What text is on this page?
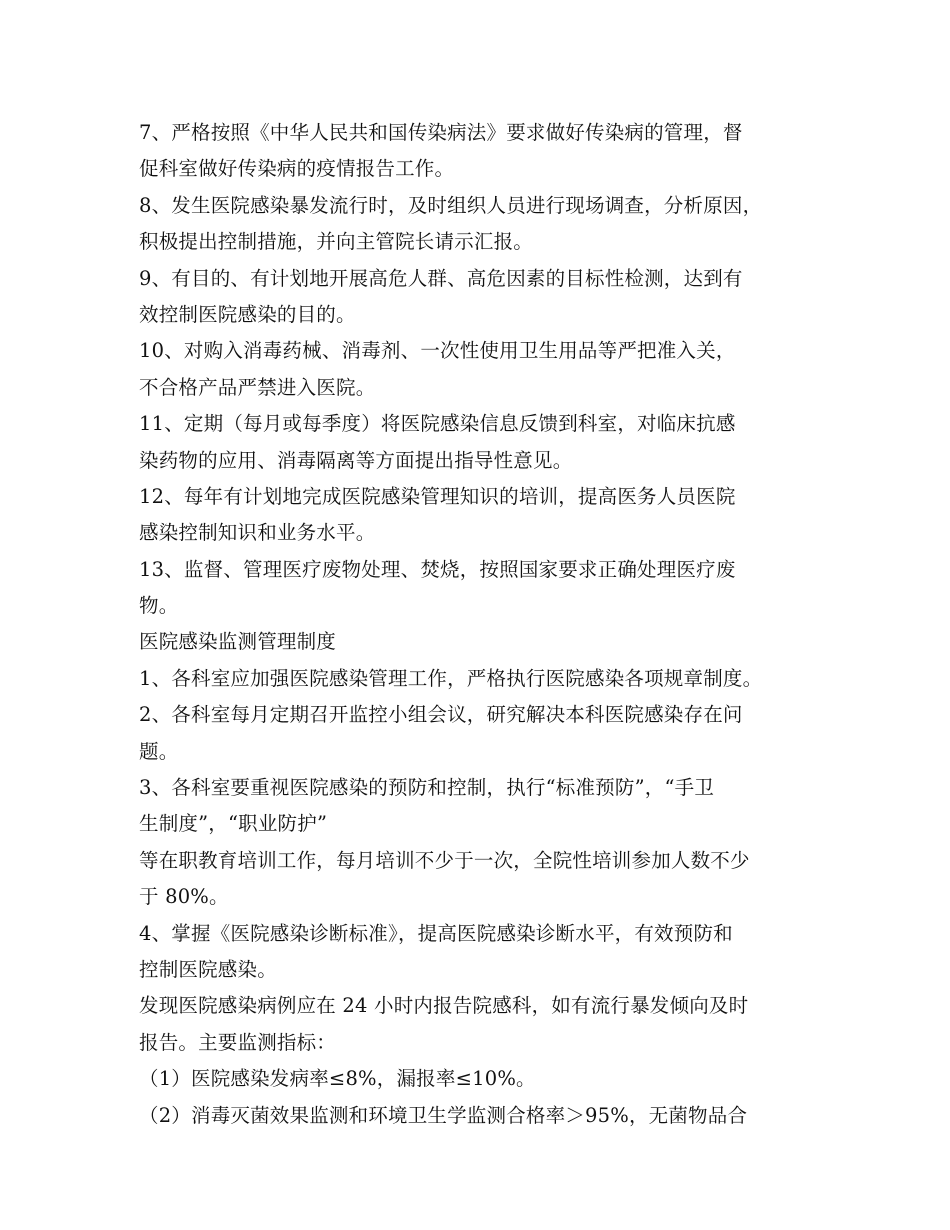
7、严格按照《中华人民共和国传染病法》要求做好传染病的管理，督
促科室做好传染病的疫情报告工作。
8、发生医院感染暴发流行时，及时组织人员进行现场调查，分析原因，
积极提出控制措施，并向主管院长请示汇报。
9、有目的、有计划地开展高危人群、高危因素的目标性检测，达到有
效控制医院感染的目的。
10、对购入消毒药械、消毒剂、一次性使用卫生用品等严把准入关，
不合格产品严禁进入医院。
11、定期（每月或每季度）将医院感染信息反馈到科室，对临床抗感
染药物的应用、消毒隔离等方面提出指导性意见。
12、每年有计划地完成医院感染管理知识的培训，提高医务人员医院
感染控制知识和业务水平。
13、监督、管理医疗废物处理、焚烧，按照国家要求正确处理医疗废
物。
医院感染监测管理制度
1、各科室应加强医院感染管理工作，严格执行医院感染各项规章制度。
2、各科室每月定期召开监控小组会议，研究解决本科医院感染存在问
题。
3、各科室要重视医院感染的预防和控制，执行“标准预防”，“手卫
生制度”，“职业防护”
等在职教育培训工作，每月培训不少于一次，全院性培训参加人数不少
于 80%。
4、掌握《医院感染诊断标准》，提高医院感染诊断水平，有效预防和
控制医院感染。
发现医院感染病例应在 24 小时内报告院感科，如有流行暴发倾向及时
报告。主要监测指标：
（1）医院感染发病率≤8%，漏报率≤10%。
（2）消毒灭菌效果监测和环境卫生学监测合格率＞95%，无菌物品合
